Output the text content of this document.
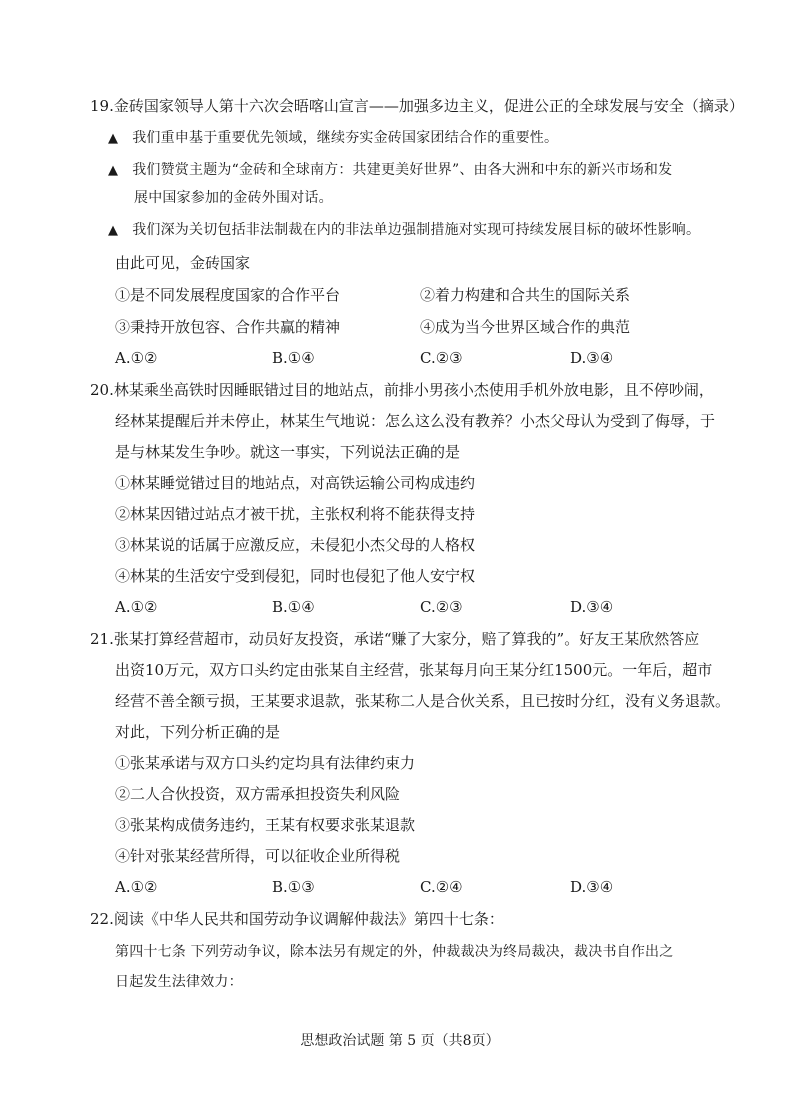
19.金砖国家领导人第十六次会晤喀山宣言——加强多边主义，促进公正的全球发展与安全（摘录）
▲ 我们重申基于重要优先领域，继续夯实金砖国家团结合作的重要性。
▲ 我们赞赏主题为“金砖和全球南方：共建更美好世界”、由各大洲和中东的新兴市场和发
展中国家参加的金砖外围对话。
▲ 我们深为关切包括非法制裁在内的非法单边强制措施对实现可持续发展目标的破坏性影响。
由此可见，金砖国家
①是不同发展程度国家的合作平台	②着力构建和合共生的国际关系
③秉持开放包容、合作共赢的精神	④成为当今世界区域合作的典范
A.①②	B.①④	C.②③	D.③④
20.林某乘坐高铁时因睡眠错过目的地站点，前排小男孩小杰使用手机外放电影，且不停吵闹，
经林某提醒后并未停止，林某生气地说：怎么这么没有教养？小杰父母认为受到了侮辱，于
是与林某发生争吵。就这一事实，下列说法正确的是
①林某睡觉错过目的地站点，对高铁运输公司构成违约
②林某因错过站点才被干扰，主张权利将不能获得支持
③林某说的话属于应激反应，未侵犯小杰父母的人格权
④林某的生活安宁受到侵犯，同时也侵犯了他人安宁权
A.①②	B.①④	C.②③	D.③④
21.张某打算经营超市，动员好友投资，承诺“赚了大家分，赔了算我的”。好友王某欣然答应
出资10万元，双方口头约定由张某自主经营，张某每月向王某分红1500元。一年后，超市
经营不善全额亏损，王某要求退款，张某称二人是合伙关系，且已按时分红，没有义务退款。
对此，下列分析正确的是
①张某承诺与双方口头约定均具有法律约束力
②二人合伙投资，双方需承担投资失利风险
③张某构成债务违约，王某有权要求张某退款
④针对张某经营所得，可以征收企业所得税
A.①②	B.①③	C.②④	D.③④
22.阅读《中华人民共和国劳动争议调解仲裁法》第四十七条：
第四十七条 下列劳动争议，除本法另有规定的外，仲裁裁决为终局裁决，裁决书自作出之
日起发生法律效力：
思想政治试题 第 5 页（共8页）
